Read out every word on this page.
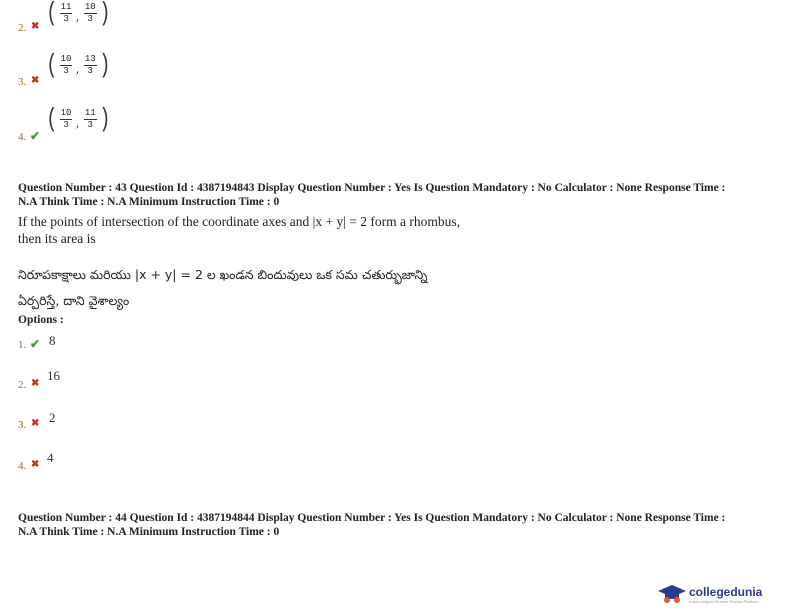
2. ✖ ( $\frac{11}{3}$ , $\frac{10}{3}$ )
3. ✖
( $\frac{10}{3}$ , $\frac{13}{3}$ )
4. ✔
( $\frac{10}{3}$ , $\frac{11}{3}$ )
Question Number : 43 Question Id : 4387194843 Display Question Number : Yes Is Question Mandatory : No Calculator : None Response Time :
N.A Think Time : N.A Minimum Instruction Time : 0
If the points of intersection of the coordinate axes and |x + y| = 2 form a rhombus,
then its area is
నిరూపకాక్షాలు మరియు |x + y| = 2 ల ఖండన బిందువులు ఒక సమ చతుర్భుజాన్ని
ఏర్పరిస్తే, దాని వైశాల్యం
Options :
1. ✔ 8
2. ✖
16
3. ✖ 2
4. ✖ 4
Question Number : 44 Question Id : 4387194844 Display Question Number : Yes Is Question Mandatory : No Calculator : None Response Time :
N.A Think Time : N.A Minimum Instruction Time : 0
collegedunia
India's largest Student Review Platform
